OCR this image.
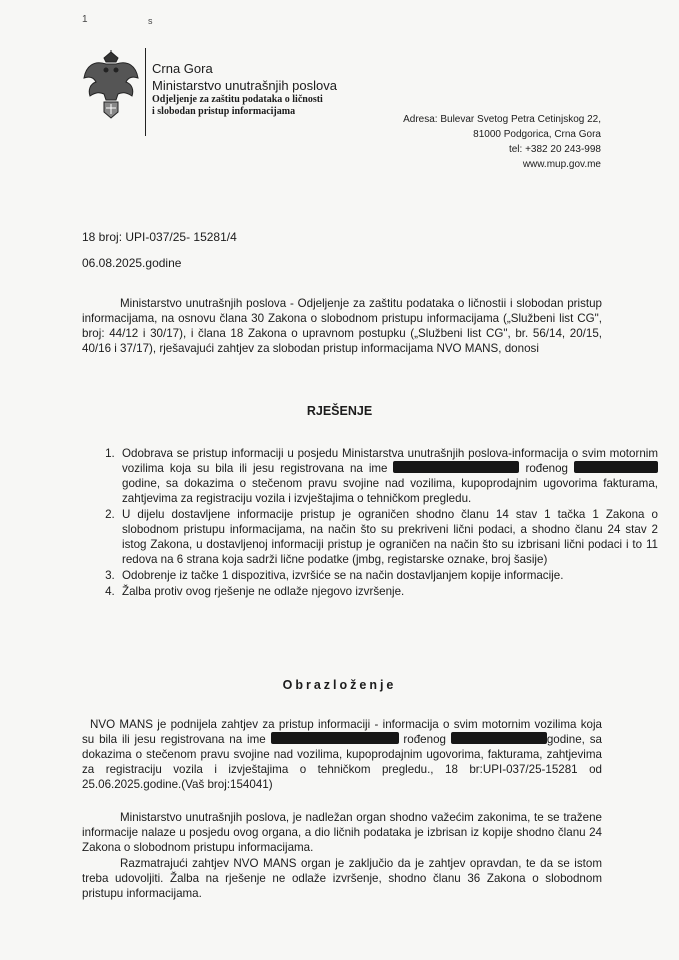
1	s
Crna Gora
Ministarstvo unutrašnjih poslova
Odjeljenje za zaštitu podataka o ličnosti
i slobodan pristup informacijama
Adresa: Bulevar Svetog Petra Cetinjskog 22,
81000 Podgorica, Crna Gora
tel: +382 20 243-998
www.mup.gov.me
18 broj: UPI-037/25- 15281/4
06.08.2025.godine
Ministarstvo unutrašnjih poslova - Odjeljenje za zaštitu podataka o ličnostii i slobodan pristup informacijama, na osnovu člana 30 Zakona o slobodnom pristupu informacijama („Službeni list CG", broj: 44/12 i 30/17), i člana 18 Zakona o upravnom postupku („Službeni list CG", br. 56/14, 20/15, 40/16 i 37/17), rješavajući zahtjev za slobodan pristup informacijama NVO MANS, donosi
RJEŠENJE
1. Odobrava se pristup informaciji u posjedu Ministarstva unutrašnjih poslova-informacija o svim motornim vozilima koja su bila ili jesu registrovana na ime	rođenog godine, sa dokazima o stečenom pravu svojine nad vozilima, kupoprodajnim ugovorima fakturama, zahtjevima za registraciju vozila i izvještajima o tehničkom pregledu.
2. U dijelu dostavljene informacije pristup je ograničen shodno članu 14 stav 1 tačka 1 Zakona o slobodnom pristupu informacijama, na način što su prekriveni lični podaci, a shodno članu 24 stav 2 istog Zakona, u dostavljenoj informaciji pristup je ograničen na način što su izbrisani lični podaci i to 11 redova na 6 strana koja sadrži lične podatke (jmbg, registarske oznake, broj šasije)
3. Odobrenje iz tačke 1 dispozitiva, izvršiće se na način dostavljanjem kopije informacije.
4. Žalba protiv ovog rješenje ne odlaže njegovo izvršenje.
Obrazloženje
NVO MANS je podnijela zahtjev za pristup informaciji - informacija o svim motornim vozilima koja su bila ili jesu registrovana na ime	rođenog	godine, sa dokazima o stečenom pravu svojine nad vozilima, kupoprodajnim ugovorima, fakturama, zahtjevima za registraciju vozila i izvještajima o tehničkom pregledu., 18 br:UPI-037/25-15281 od 25.06.2025.godine.(Vaš broj:154041)
Ministarstvo unutrašnjih poslova, je nadležan organ shodno važećim zakonima, te se tražene informacije nalaze u posjedu ovog organa, a dio ličnih podataka je izbrisan iz kopije shodno članu 24 Zakona o slobodnom pristupu informacijama.
Razmatrajući zahtjev NVO MANS organ je zaključio da je zahtjev opravdan, te da se istom treba udovoljiti. Žalba na rješenje ne odlaže izvršenje, shodno članu 36 Zakona o slobodnom pristupu informacijama.
